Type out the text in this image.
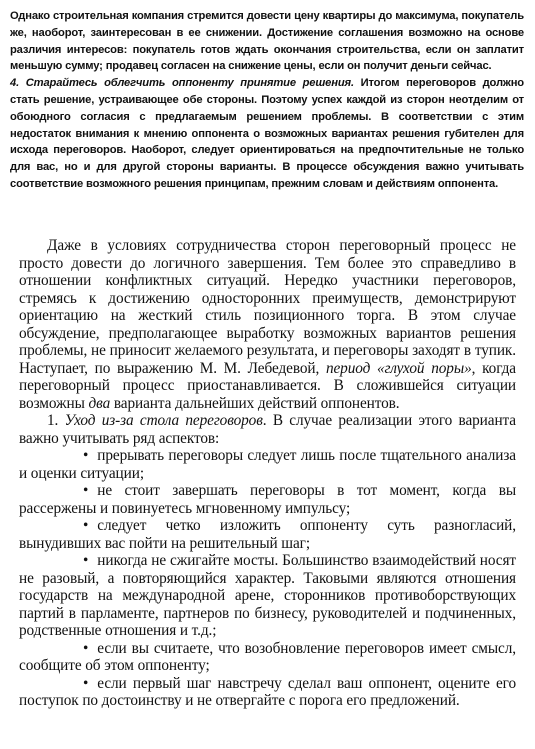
Однако строительная компания стремится довести цену квартиры до максимума, покупатель же, наоборот, заинтересован в ее снижении. Достижение соглашения возможно на основе различия интересов: покупатель готов ждать окончания строительства, если он заплатит меньшую сумму; продавец согласен на снижение цены, если он получит деньги сейчас.

4. Старайтесь облегчить оппоненту принятие решения. Итогом переговоров должно стать решение, устраивающее обе стороны. Поэтому успех каждой из сторон неотделим от обоюдного согласия с предлагаемым решением проблемы. В соответствии с этим недостаток внимания к мнению оппонента о возможных вариантах решения губителен для исхода переговоров. Наоборот, следует ориентироваться на предпочтительные не только для вас, но и для другой стороны варианты. В процессе обсуждения важно учитывать соответствие возможного решения принципам, прежним словам и действиям оппонента.

Даже в условиях сотрудничества сторон переговорный процесс не просто довести до логичного завершения. Тем более это справедливо в отношении конфликтных ситуаций. Нередко участники переговоров, стремясь к достижению односторонних преимуществ, демонстрируют ориентацию на жесткий стиль позиционного торга. В этом случае обсуждение, предполагающее выработку возможных вариантов решения проблемы, не приносит желаемого результата, и переговоры заходят в тупик. Наступает, по выражению М. М. Лебедевой, период «глухой поры», когда переговорный процесс приостанавливается. В сложившейся ситуации возможны два варианта дальнейших действий оппонентов.

1. Уход из-за стола переговоров. В случае реализации этого варианта важно учитывать ряд аспектов:

• прерывать переговоры следует лишь после тщательного анализа и оценки ситуации;

• не стоит завершать переговоры в тот момент, когда вы рассержены и повинуетесь мгновенному импульсу;

• следует четко изложить оппоненту суть разногласий, вынудивших вас пойти на решительный шаг;

• никогда не сжигайте мосты. Большинство взаимодействий носят не разовый, а повторяющийся характер. Таковыми являются отношения государств на международной арене, сторонников противоборствующих партий в парламенте, партнеров по бизнесу, руководителей и подчиненных, родственные отношения и т.д.;

• если вы считаете, что возобновление переговоров имеет смысл, сообщите об этом оппоненту;

• если первый шаг навстречу сделал ваш оппонент, оцените его поступок по достоинству и не отвергайте с порога его предложений.
